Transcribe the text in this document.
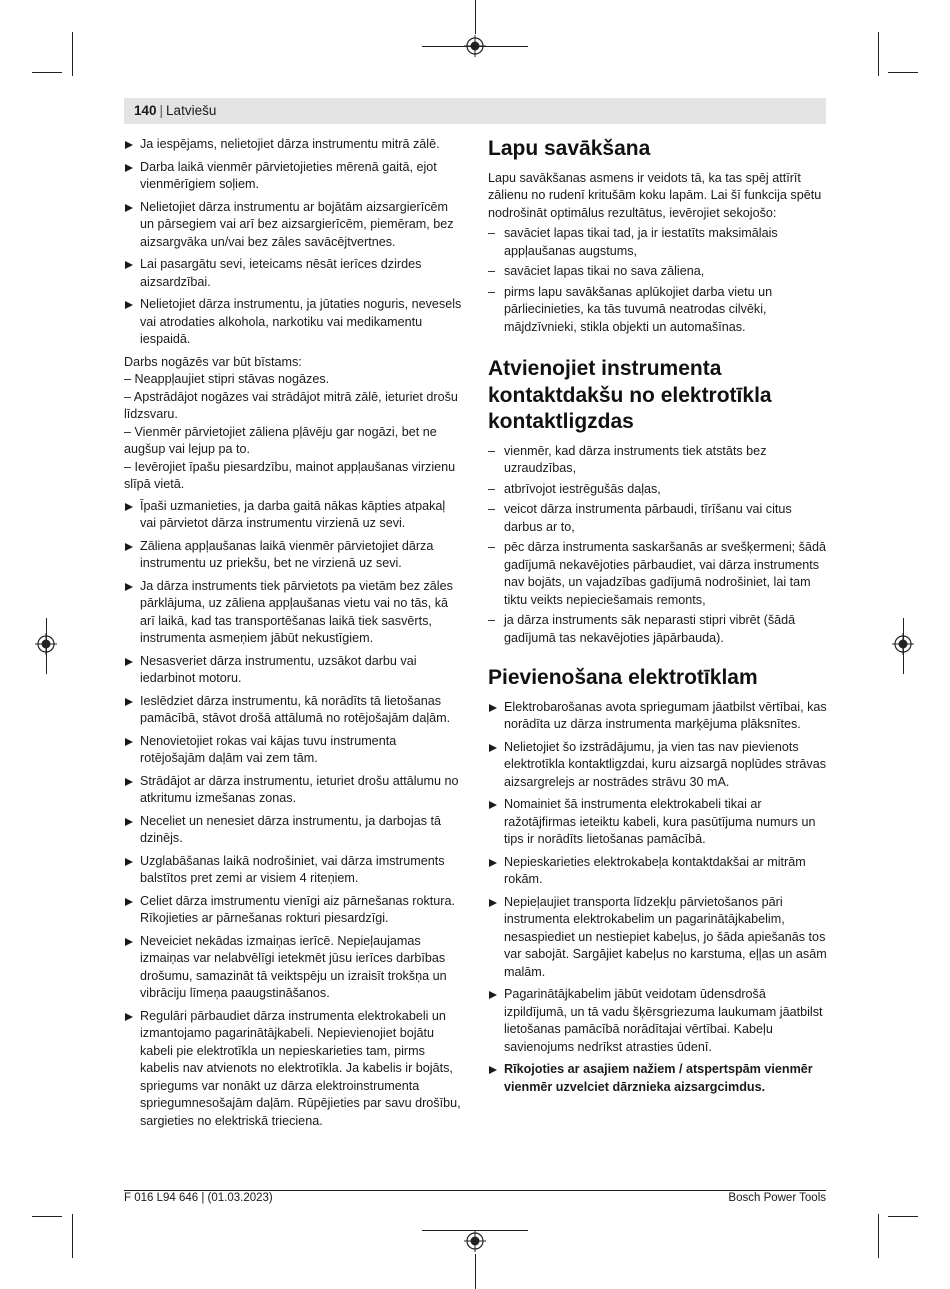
140 | Latviešu

Ja iespējams, nelietojiet dārza instrumentu mitrā zālē.

Darba laikā vienmēr pārvietojieties mērenā gaitā, ejot vienmērīgiem soļiem.

Nelietojiet dārza instrumentu ar bojātām aizsargierīcēm un pārsegiem vai arī bez aizsargierīcēm, piemēram, bez aizsargvāka un/vai bez zāles savācējtvertnes.

Lai pasargātu sevi, ieteicams nēsāt ierīces dzirdes aizsardzībai.

Nelietojiet dārza instrumentu, ja jūtaties noguris, nevesels vai atrodaties alkohola, narkotiku vai medikamentu iespaidā.

Darbs nogāzēs var būt bīstams:

– Neappļaujiet stipri stāvas nogāzes.

– Apstrādājot nogāzes vai strādājot mitrā zālē, ieturiet drošu līdzsvaru.

– Vienmēr pārvietojiet zāliena pļāvēju gar nogāzi, bet ne augšup vai lejup pa to.

– Ievērojiet īpašu piesardzību, mainot appļaušanas virzienu slīpā vietā.

Īpaši uzmanieties, ja darba gaitā nākas kāpties atpakaļ vai pārvietot dārza instrumentu virzienā uz sevi.

Zāliena appļaušanas laikā vienmēr pārvietojiet dārza instrumentu uz priekšu, bet ne virzienā uz sevi.

Ja dārza instruments tiek pārvietots pa vietām bez zāles pārklājuma, uz zāliena appļaušanas vietu vai no tās, kā arī laikā, kad tas transportēšanas laikā tiek sasvērts, instrumenta asmeņiem jābūt nekustīgiem.

Nesasveriet dārza instrumentu, uzsākot darbu vai iedarbinot motoru.

Ieslēdziet dārza instrumentu, kā norādīts tā lietošanas pamācībā, stāvot drošā attālumā no rotējošajām daļām.

Nenovietojiet rokas vai kājas tuvu instrumenta rotējošajām daļām vai zem tām.

Strādājot ar dārza instrumentu, ieturiet drošu attālumu no atkritumu izmešanas zonas.

Neceliet un nenesiet dārza instrumentu, ja darbojas tā dzinējs.

Uzglabāšanas laikā nodrošiniet, vai dārza imstruments balstītos pret zemi ar visiem 4 riteņiem.

Celiet dārza imstrumentu vienīgi aiz pārnešanas roktura. Rīkojieties ar pārnešanas rokturi piesardzīgi.

Neveiciet nekādas izmaiņas ierīcē. Nepieļaujamas izmaiņas var nelabvēlīgi ietekmēt jūsu ierīces darbības drošumu, samazināt tā veiktspēju un izraisīt trokšņa un vibrāciju līmeņa paaugstināšanos.

Regulāri pārbaudiet dārza instrumenta elektrokabeli un izmantojamo pagarinātājkabeli. Nepievienojiet bojātu kabeli pie elektrotīkla un nepieskarieties tam, pirms kabelis nav atvienots no elektrotīkla. Ja kabelis ir bojāts, spriegums var nonākt uz dārza elektroinstrumenta spriegumnesošajām daļām. Rūpējieties par savu drošību, sargieties no elektriskā trieciena.

Lapu savākšana

Lapu savākšanas asmens ir veidots tā, ka tas spēj attīrīt zālienu no rudenī kritušām koku lapām. Lai šī funkcija spētu nodrošināt optimālus rezultātus, ievērojiet sekojošo:

– savāciet lapas tikai tad, ja ir iestatīts maksimālais appļaušanas augstums,

– savāciet lapas tikai no sava zāliena,

– pirms lapu savākšanas aplūkojiet darba vietu un pārliecinieties, ka tās tuvumā neatrodas cilvēki, mājdzīvnieki, stikla objekti un automašīnas.

Atvienojiet instrumenta kontaktdakšu no elektrotīkla kontaktligzdas

– vienmēr, kad dārza instruments tiek atstāts bez uzraudzības,

– atbrīvojot iestrēgušās daļas,

– veicot dārza instrumenta pārbaudi, tīrīšanu vai citus darbus ar to,

– pēc dārza instrumenta saskaršanās ar svešķermeni; šādā gadījumā nekavējoties pārbaudiet, vai dārza instruments nav bojāts, un vajadzības gadījumā nodrošiniet, lai tam tiktu veikts nepieciešamais remonts,

– ja dārza instruments sāk neparasti stipri vibrēt (šādā gadījumā tas nekavējoties jāpārbauda).

Pievienošana elektrotīklam

Elektrobarošanas avota spriegumam jāatbilst vērtībai, kas norādīta uz dārza instrumenta marķējuma plāksnītes.

Nelietojiet šo izstrādājumu, ja vien tas nav pievienots elektrotīkla kontaktligzdai, kuru aizsargā noplūdes strāvas aizsargrelejs ar nostrādes strāvu 30 mA.

Nomainiet šā instrumenta elektrokabeli tikai ar ražotājfirmas ieteiktu kabeli, kura pasūtījuma numurs un tips ir norādīts lietošanas pamācībā.

Nepieskarieties elektrokabeļa kontaktdakšai ar mitrām rokām.

Nepieļaujiet transporta līdzekļu pārvietošanos pāri instrumenta elektrokabelim un pagarinātājkabelim, nesaspiediet un nestiepiet kabeļus, jo šāda apiešanās tos var sabojāt. Sargājiet kabeļus no karstuma, eļļas un asām malām.

Pagarinātājkabelim jābūt veidotam ūdensdrošā izpildījumā, un tā vadu šķērsgriezuma laukumam jāatbilst lietošanas pamācībā norādītajai vērtībai. Kabeļu savienojums nedrīkst atrasties ūdenī.

Rīkojoties ar asajiem nažiem / atspertspām vienmēr vienmēr uzvelciet dārznieka aizsargcimdus.

F 016 L94 646 | (01.03.2023)	Bosch Power Tools
